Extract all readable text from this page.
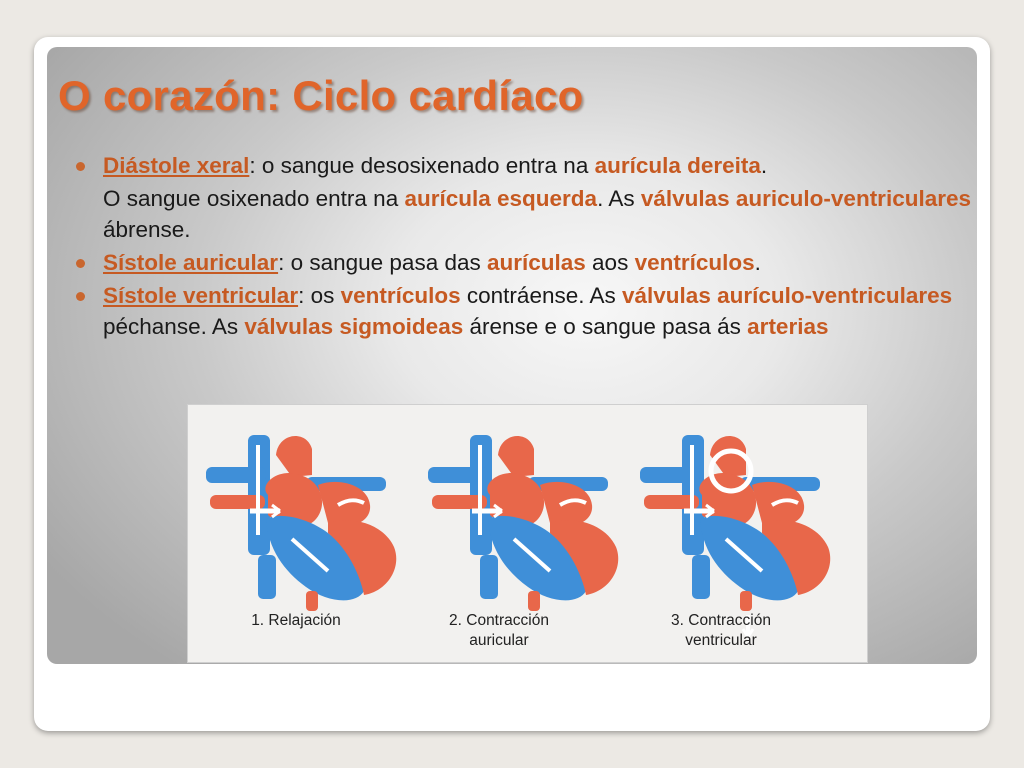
O corazón: Ciclo cardíaco
Diástole xeral: o sangue desosixenado entra na aurícula dereita.
O sangue osixenado entra na aurícula esquerda. As válvulas auriculo-ventriculares ábrense.
Sístole auricular: o sangue pasa das aurículas aos ventrículos.
Sístole ventricular: os ventrículos contráense. As válvulas aurículo-ventriculares péchanse. As válvulas sigmoideas árense e o sangue pasa ás arterias
1. Relajación	2. Contracción
auricular
3. Contracción
ventricular
